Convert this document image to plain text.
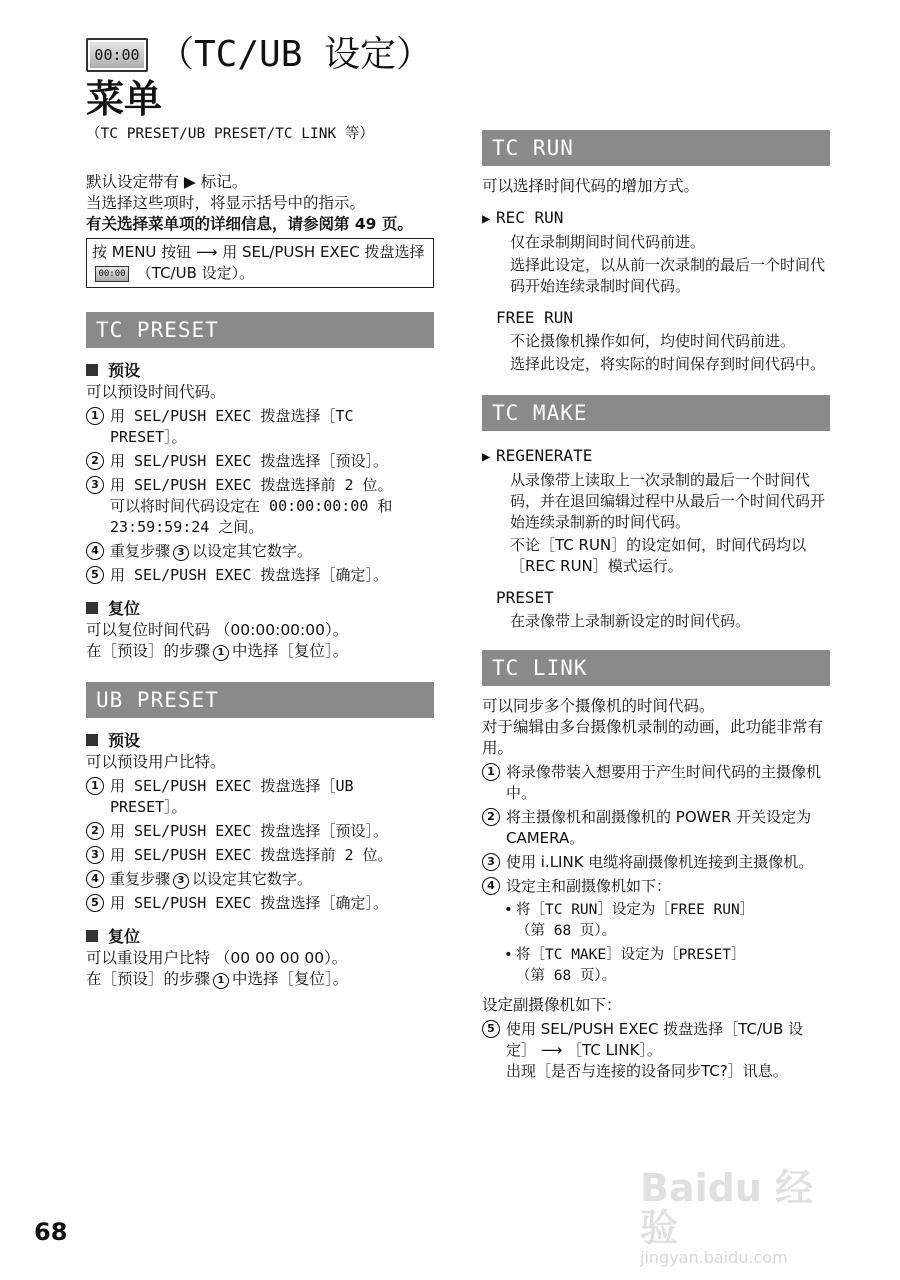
00:00 （TC/UB 设定）
菜单

（TC PRESET/UB PRESET/TC LINK 等）

默认设定带有 ▶ 标记。

当选择这些项时，将显示括号中的指示。

有关选择菜单项的详细信息，请参阅第 49 页。

按 MENU 按钮 ⟶ 用 SEL/PUSH EXEC 拨盘选择 00:00 （TC/UB 设定）。
TC PRESET
预设

可以预设时间代码。

1 用 SEL/PUSH EXEC 拨盘选择［TC PRESET］。
2 用 SEL/PUSH EXEC 拨盘选择［预设］。
3 用 SEL/PUSH EXEC 拨盘选择前 2 位。
可以将时间代码设定在 00:00:00:00 和 23:59:59:24 之间。
4 重复步骤 3 以设定其它数字。
5 用 SEL/PUSH EXEC 拨盘选择［确定］。
复位

可以复位时间代码 （00:00:00:00）。

在［预设］的步骤 1 中选择［复位］。

UB PRESET
预设

可以预设用户比特。

1 用 SEL/PUSH EXEC 拨盘选择［UB PRESET］。
2 用 SEL/PUSH EXEC 拨盘选择［预设］。
3 用 SEL/PUSH EXEC 拨盘选择前 2 位。
4 重复步骤 3 以设定其它数字。
5 用 SEL/PUSH EXEC 拨盘选择［确定］。
复位

可以重设用户比特 （00 00 00 00）。

在［预设］的步骤 1 中选择［复位］。

TC RUN

可以选择时间代码的增加方式。

▶ REC RUN

仅在录制期间时间代码前进。

选择此设定，以从前一次录制的最后一个时间代码开始连续录制时间代码。

FREE RUN

不论摄像机操作如何，均使时间代码前进。

选择此设定，将实际的时间保存到时间代码中。

TC MAKE
▶ REGENERATE

从录像带上读取上一次录制的最后一个时间代码，并在退回编辑过程中从最后一个时间代码开始连续录制新的时间代码。

不论［TC RUN］的设定如何，时间代码均以［REC RUN］模式运行。

PRESET

在录像带上录制新设定的时间代码。

TC LINK

可以同步多个摄像机的时间代码。

对于编辑由多台摄像机录制的动画，此功能非常有用。

1 将录像带装入想要用于产生时间代码的主摄像机中。
2 将主摄像机和副摄像机的 POWER 开关设定为 CAMERA。
3 使用 i.LINK 电缆将副摄像机连接到主摄像机。
4 设定主和副摄像机如下：
• 将［TC RUN］设定为［FREE RUN］
（第 68 页）。
• 将［TC MAKE］设定为［PRESET］
（第 68 页）。

设定副摄像机如下：

5 使用 SEL/PUSH EXEC 拨盘选择［TC/UB 设定］ ⟶ ［TC LINK］。
出现［是否与连接的设备同步TC?］讯息。
68
Baidu 经验
jingyan.baidu.com
